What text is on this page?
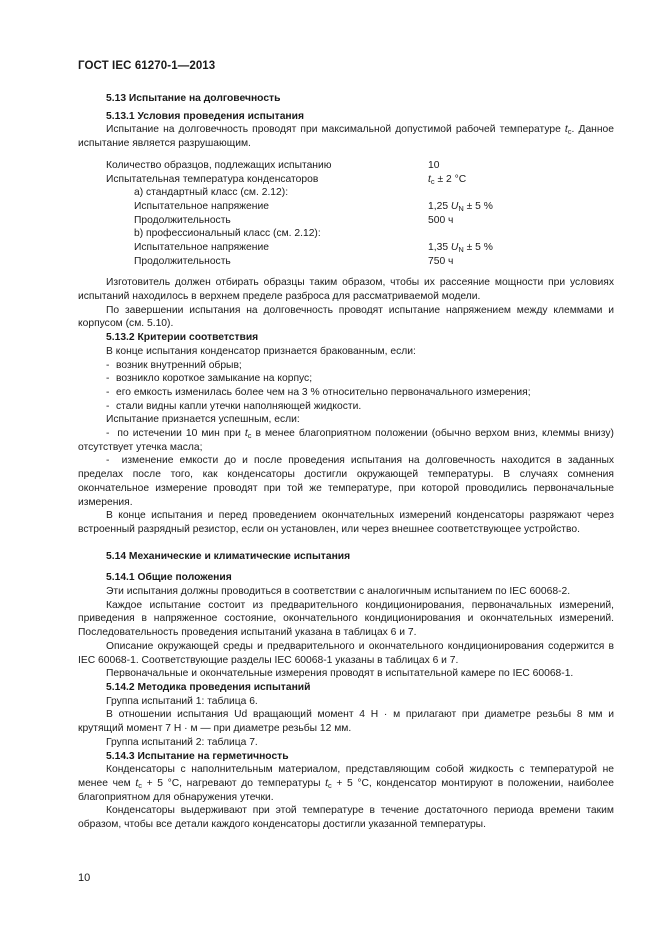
ГОСТ IEC 61270-1—2013

5.13 Испытание на долговечность

5.13.1 Условия проведения испытания

Испытание на долговечность проводят при максимальной допустимой рабочей температуре $t_c$. Данное испытание является разрушающим.

Количество образцов, подлежащих испытанию	10
Испытательная температура конденсаторов	$t_c \pm 2$ °C
а) стандартный класс (см. 2.12):
Испытательное напряжение	1,25 $U_N \pm 5$ %
Продолжительность	500 ч
b) профессиональный класс (см. 2.12):
Испытательное напряжение	1,35 $U_N \pm 5$ %
Продолжительность	750 ч

Изготовитель должен отбирать образцы таким образом, чтобы их рассеяние мощности при условиях испытаний находилось в верхнем пределе разброса для рассматриваемой модели.

По завершении испытания на долговечность проводят испытание напряжением между клеммами и корпусом (см. 5.10).

5.13.2 Критерии соответствия

В конце испытания конденсатор признается бракованным, если:

- возник внутренний обрыв;

- возникло короткое замыкание на корпус;

- его емкость изменилась более чем на 3 % относительно первоначального измерения;

- стали видны капли утечки наполняющей жидкости.

Испытание признается успешным, если:

-  по истечении 10 мин при $t_c$ в менее благоприятном положении (обычно верхом вниз, клеммы внизу) отсутствует утечка масла;

-  изменение емкости до и после проведения испытания на долговечность находится в заданных пределах после того, как конденсаторы достигли окружающей температуры. В случаях сомнения окончательное измерение проводят при той же температуре, при которой проводились первоначальные измерения.

В конце испытания и перед проведением окончательных измерений конденсаторы разряжают через встроенный разрядный резистор, если он установлен, или через внешнее соответствующее устройство.

5.14 Механические и климатические испытания

5.14.1 Общие положения

Эти испытания должны проводиться в соответствии с аналогичным испытанием по IEC 60068-2.

Каждое испытание состоит из предварительного кондиционирования, первоначальных измерений, приведения в напряженное состояние, окончательного кондиционирования и окончательных измерений. Последовательность проведения испытаний указана в таблицах 6 и 7.

Описание окружающей среды и предварительного и окончательного кондиционирования содержится в IEC 60068-1. Соответствующие разделы IEC 60068-1 указаны в таблицах 6 и 7.

Первоначальные и окончательные измерения проводят в испытательной камере по IEC 60068-1.

5.14.2 Методика проведения испытаний

Группа испытаний 1: таблица 6.

В отношении испытания Ud вращающий момент 4 Н · м прилагают при диаметре резьбы 8 мм и крутящий момент 7 Н · м — при диаметре резьбы 12 мм.

Группа испытаний 2: таблица 7.

5.14.3 Испытание на герметичность

Конденсаторы с наполнительным материалом, представляющим собой жидкость с температурой не менее чем $t_c + 5$ °C, нагревают до температуры $t_c + 5$ °C, конденсатор монтируют в положении, наиболее благоприятном для обнаружения утечки.

Конденсаторы выдерживают при этой температуре в течение достаточного периода времени таким образом, чтобы все детали каждого конденсаторы достигли указанной температуры.

10
